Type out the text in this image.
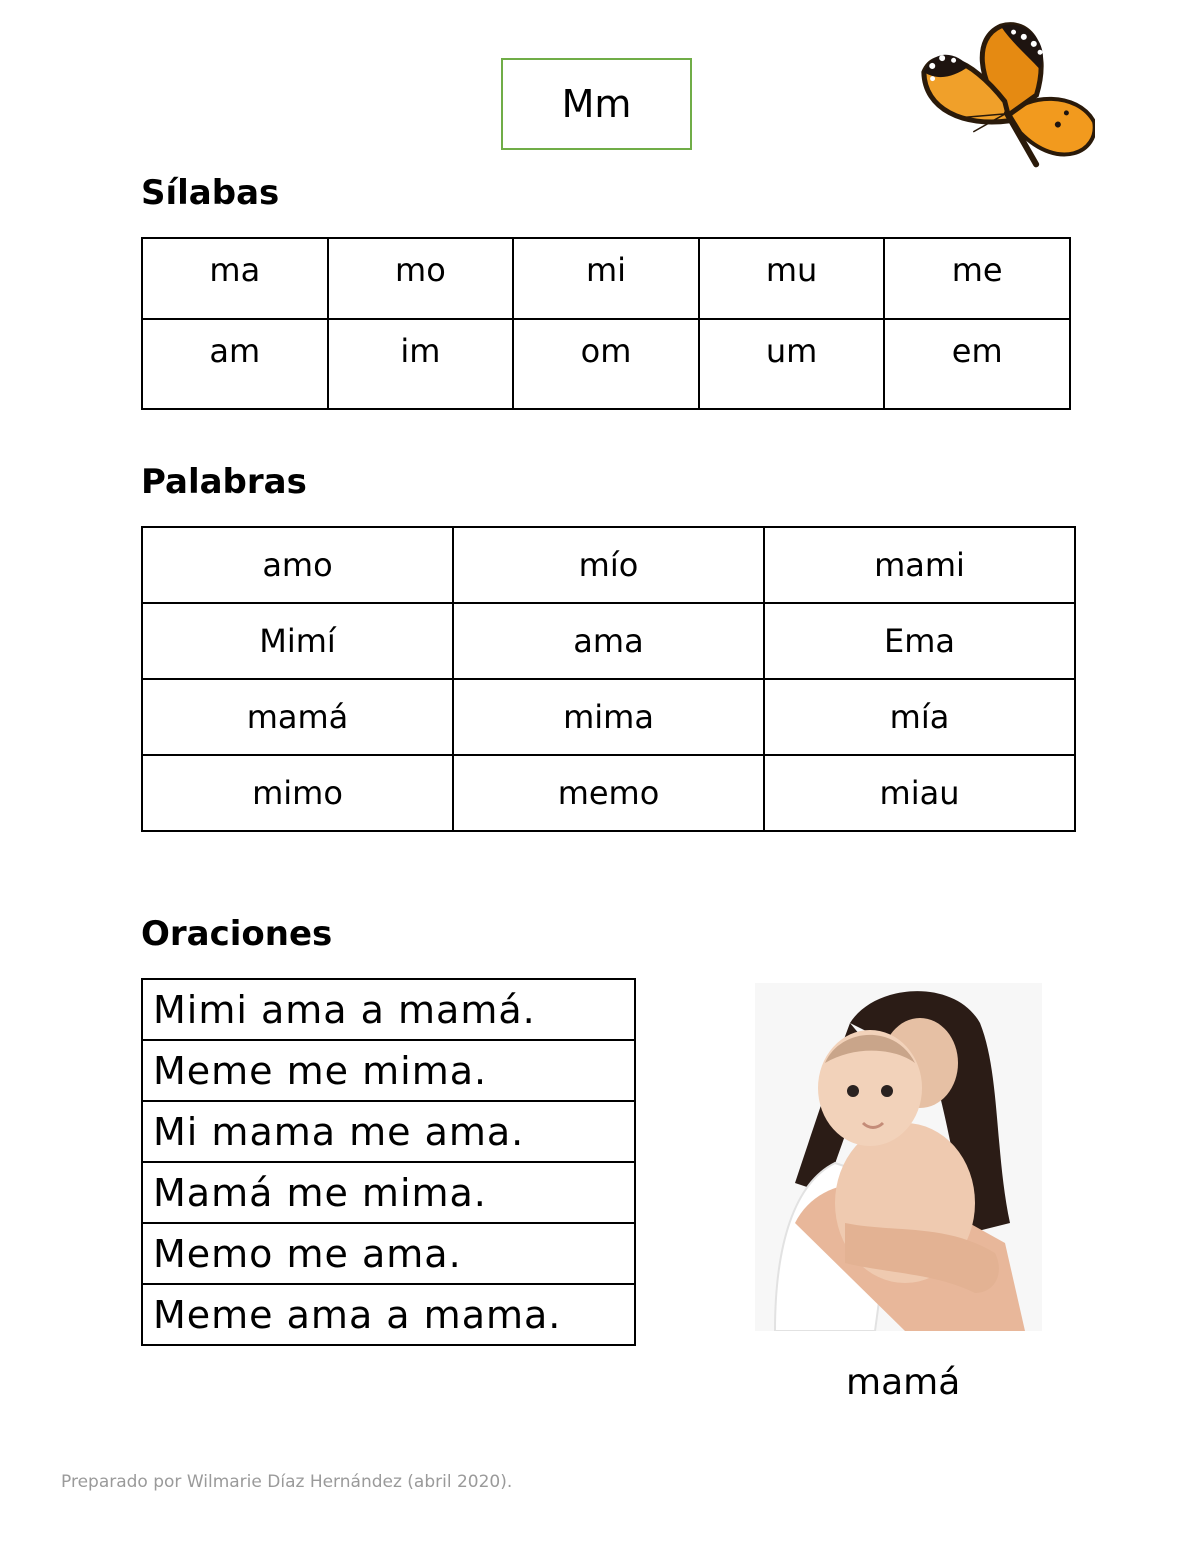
Mm
Sílabas
ma	mo	mi	mu	me
am	im	om	um	em
Palabras
amo	mío	mami
Mimí	ama	Ema
mamá	mima	mía
mimo	memo	miau
Oraciones
Mimi ama a mamá.
Meme me mima.
Mi mama me ama.
Mamá me mima.
Memo me ama.
Meme ama a mama.
mamá
Preparado por Wilmarie Díaz Hernández (abril 2020).
